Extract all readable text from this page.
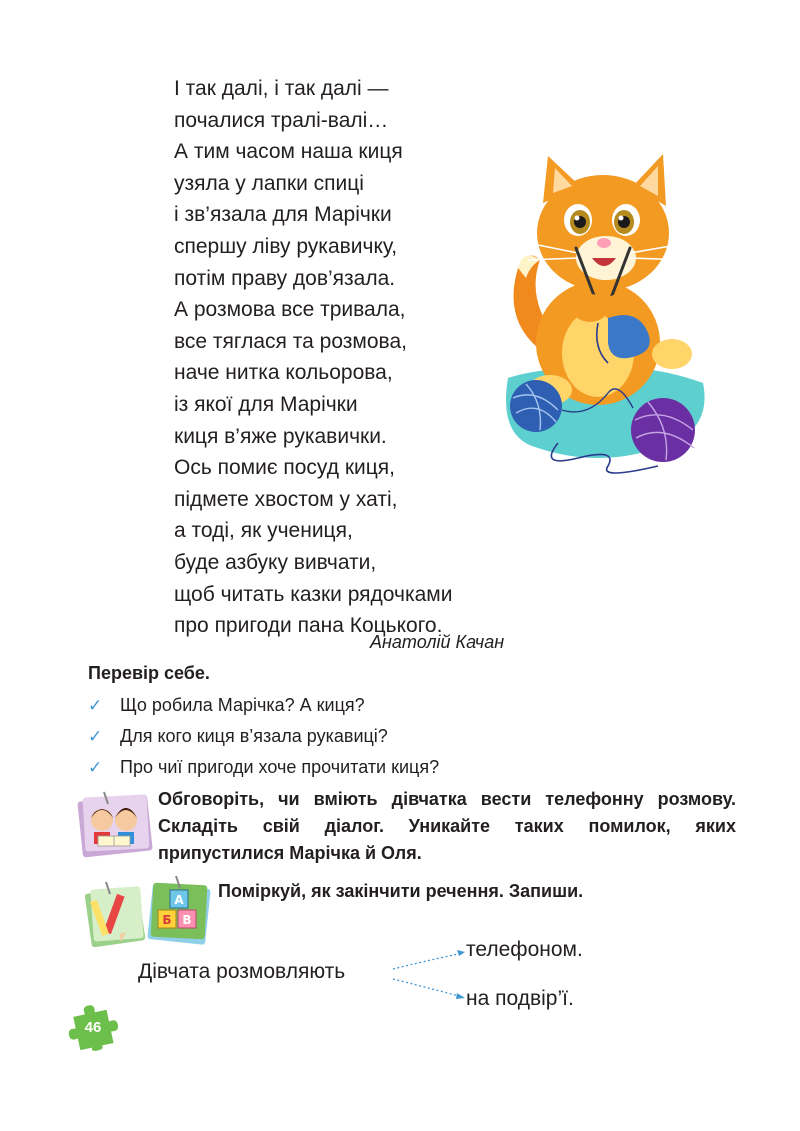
І так далі, і так далі —
почалися тралі-валі…
А тим часом наша киця
узяла у лапки спиці
і зв’язала для Марічки
спершу ліву рукавичку,
потім праву дов’язала.
А розмова все тривала,
все тяглася та розмова,
наче нитка кольорова,
із якої для Марічки
киця в’яже рукавички.
Ось помиє посуд киця,
підмете хвостом у хаті,
а тоді, як учениця,
буде азбуку вивчати,
щоб читать казки рядочками
про пригоди пана Коцького.
Анатолій Качан
Перевір себе.
✓ Що робила Марічка? А киця?
✓ Для кого киця в’язала рукавиці?
✓ Про чиї пригоди хоче прочитати киця?
Обговоріть, чи вміють дівчатка вести телефонну розмову. Складіть свій діалог. Уникайте таких помилок, яких припустилися Марічка й Оля.
А
Б В
Поміркуй, як закінчити речення. Запиши.
Дівчата розмовляють
телефоном.
на подвір’ї.
46
